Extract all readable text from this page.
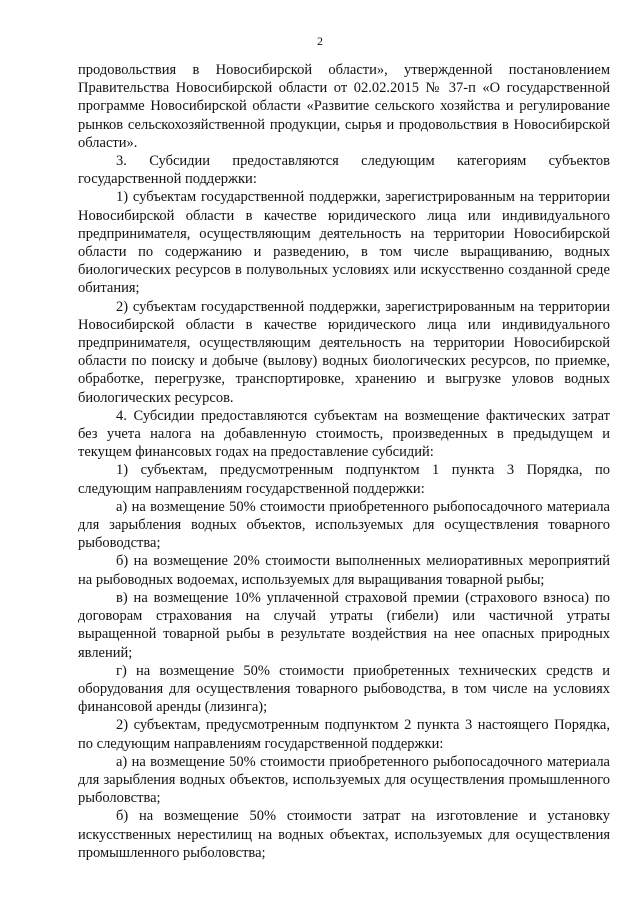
2

продовольствия в Новосибирской области», утвержденной постановлением Правительства Новосибирской области от 02.02.2015 № 37-п «О государственной программе Новосибирской области «Развитие сельского хозяйства и регулирование рынков сельскохозяйственной продукции, сырья и продовольствия в Новосибирской области».

3. Субсидии предоставляются следующим категориям субъектов государственной поддержки:

1) субъектам государственной поддержки, зарегистрированным на территории Новосибирской области в качестве юридического лица или индивидуального предпринимателя, осуществляющим деятельность на территории Новосибирской области по содержанию и разведению, в том числе выращиванию, водных биологических ресурсов в полувольных условиях или искусственно созданной среде обитания;

2) субъектам государственной поддержки, зарегистрированным на территории Новосибирской области в качестве юридического лица или индивидуального предпринимателя, осуществляющим деятельность на территории Новосибирской области по поиску и добыче (вылову) водных биологических ресурсов, по приемке, обработке, перегрузке, транспортировке, хранению и выгрузке уловов водных биологических ресурсов.

4. Субсидии предоставляются субъектам на возмещение фактических затрат без учета налога на добавленную стоимость, произведенных в предыдущем и текущем финансовых годах на предоставление субсидий:

1) субъектам, предусмотренным подпунктом 1 пункта 3 Порядка, по следующим направлениям государственной поддержки:

а) на возмещение 50% стоимости приобретенного рыбопосадочного материала для зарыбления водных объектов, используемых для осуществления товарного рыбоводства;

б) на возмещение 20% стоимости выполненных мелиоративных мероприятий на рыбоводных водоемах, используемых для выращивания товарной рыбы;

в) на возмещение 10% уплаченной страховой премии (страхового взноса) по договорам страхования на случай утраты (гибели) или частичной утраты выращенной товарной рыбы в результате воздействия на нее опасных природных явлений;

г) на возмещение 50% стоимости приобретенных технических средств и оборудования для осуществления товарного рыбоводства, в том числе на условиях финансовой аренды (лизинга);

2) субъектам, предусмотренным подпунктом 2 пункта 3 настоящего Порядка, по следующим направлениям государственной поддержки:

а) на возмещение 50% стоимости приобретенного рыбопосадочного материала для зарыбления водных объектов, используемых для осуществления промышленного рыболовства;

б) на возмещение 50% стоимости затрат на изготовление и установку искусственных нерестилищ на водных объектах, используемых для осуществления промышленного рыболовства;
